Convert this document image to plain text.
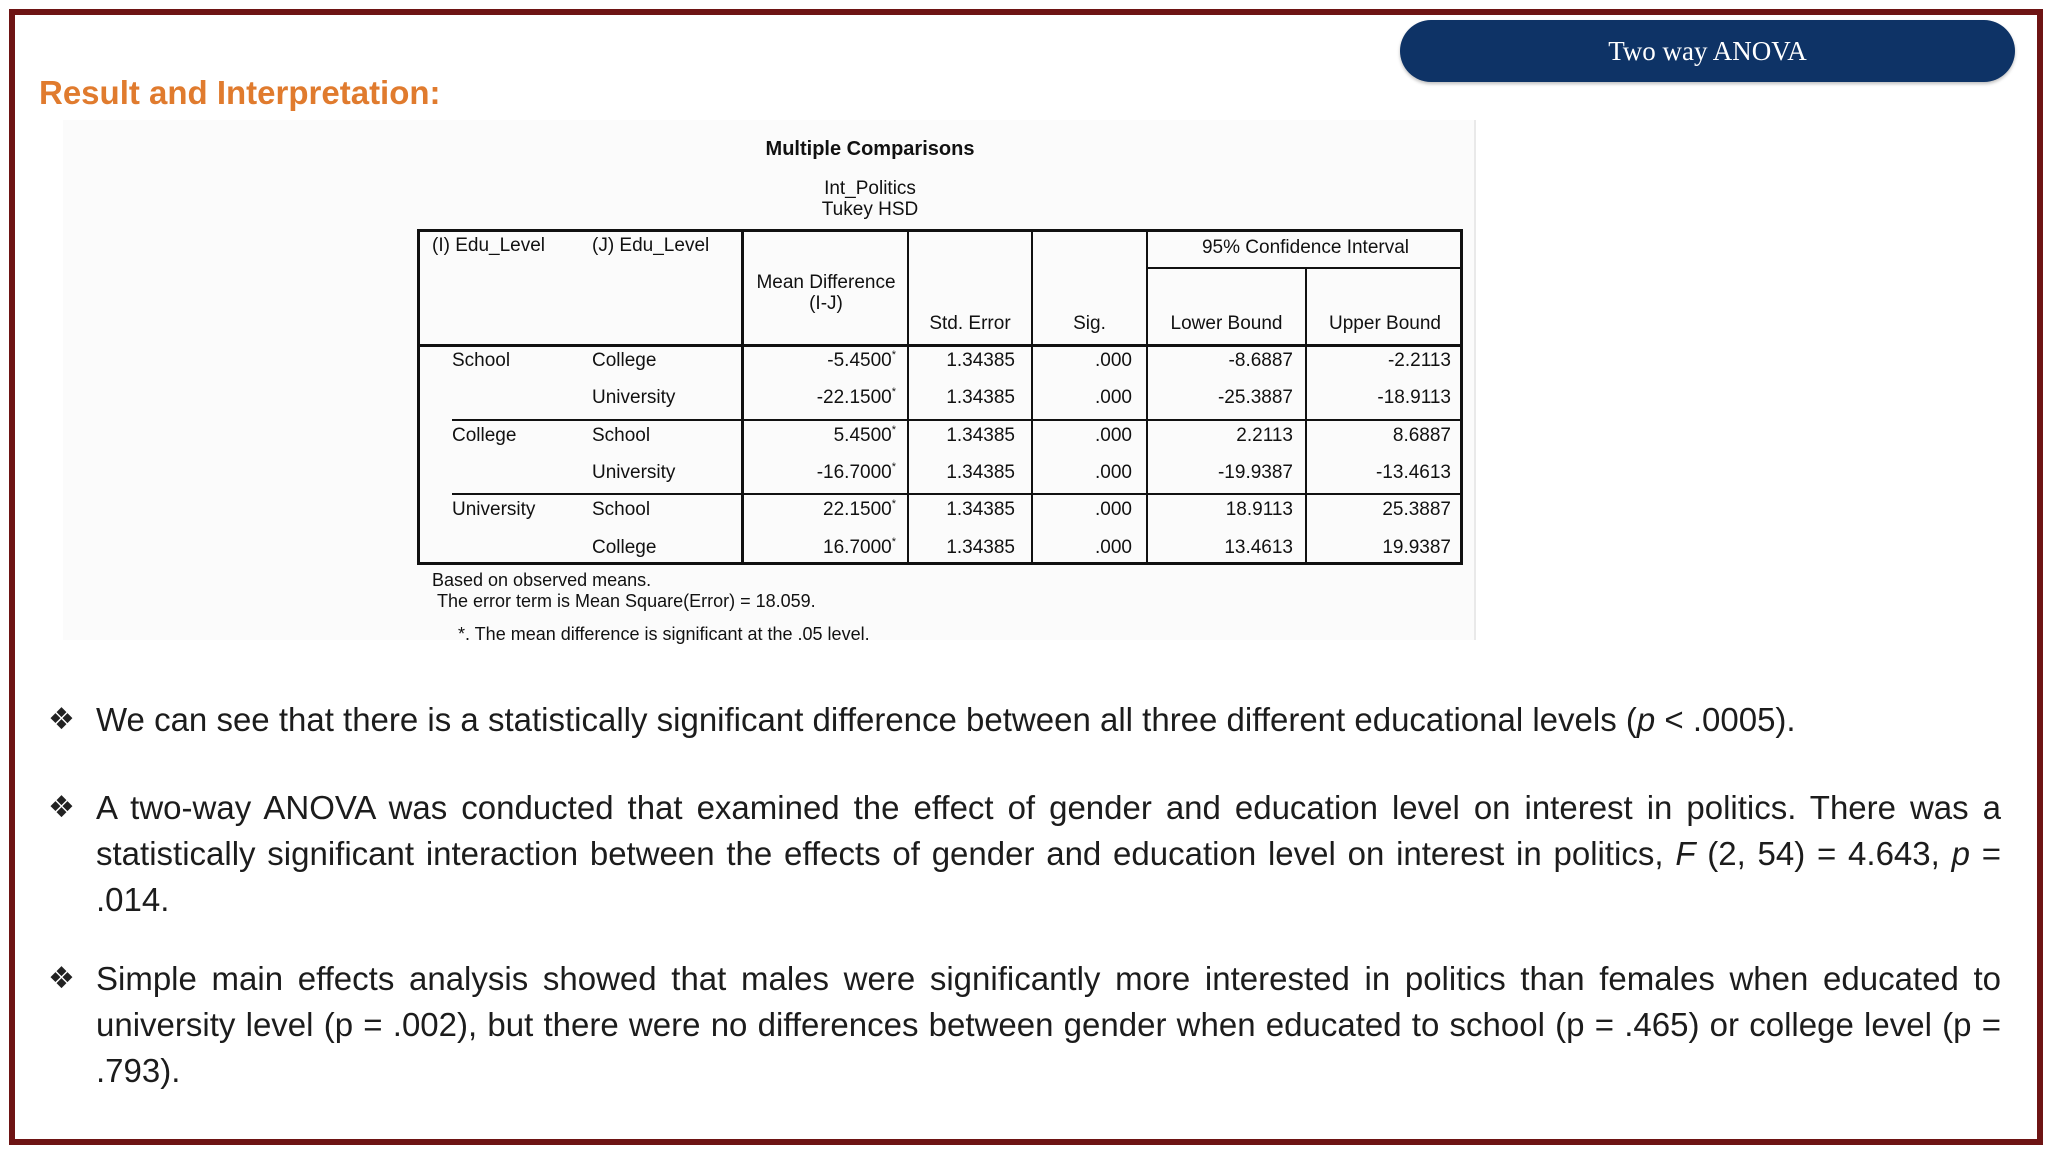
Two way ANOVA
Result and Interpretation:
Multiple Comparisons
Int_Politics
Tukey HSD
(I) Edu_Level (J) Edu_Level
Mean Difference (I-J)
Std. Error	Sig.
95% Confidence Interval
Lower Bound	Upper Bound
School	College	-5.4500*	1.34385	.000	-8.6887	-2.2113
University	-22.1500*	1.34385	.000	-25.3887	-18.9113
College	School	5.4500*	1.34385	.000	2.2113	8.6887
University	-16.7000*	1.34385	.000	-19.9387	-13.4613
University	School	22.1500*	1.34385	.000	18.9113	25.3887
College	16.7000*	1.34385	.000	13.4613	19.9387
Based on observed means.
The error term is Mean Square(Error) = 18.059.
*. The mean difference is significant at the .05 level.
❖ We can see that there is a statistically significant difference between all three different educational levels (p < .0005).
❖ A two-way ANOVA was conducted that examined the effect of gender and education level on interest in politics. There was a statistically significant interaction between the effects of gender and education level on interest in politics, F (2, 54) = 4.643, p = .014.
❖ Simple main effects analysis showed that males were significantly more interested in politics than females when educated to university level (p = .002), but there were no differences between gender when educated to school (p = .465) or college level (p = .793).
